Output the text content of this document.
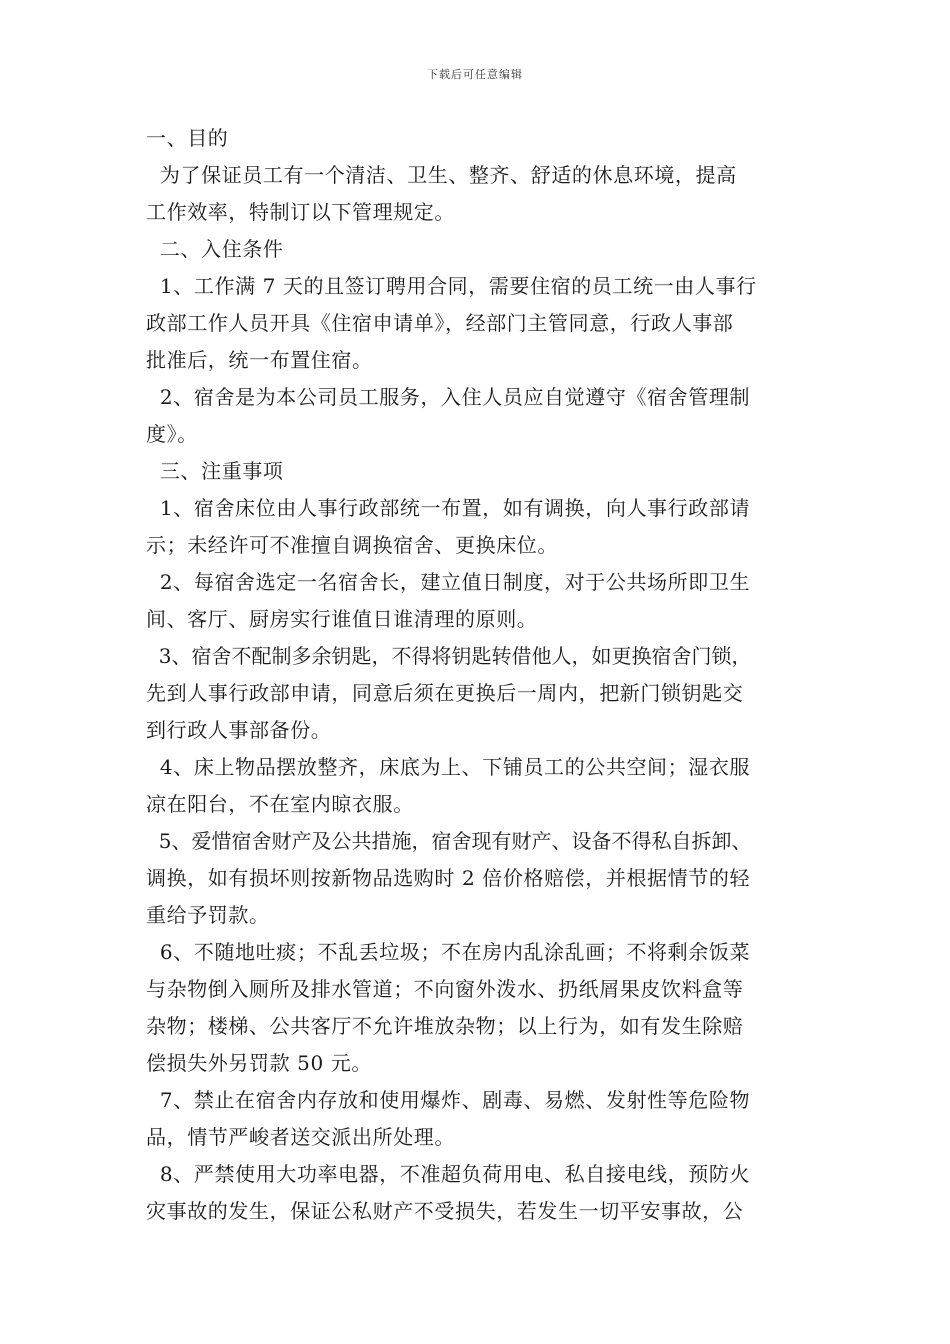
下载后可任意编辑
一、目的
为了保证员工有一个清洁、卫生、整齐、舒适的休息环境，提高
工作效率，特制订以下管理规定。
二、入住条件
1、工作满 7 天的且签订聘用合同，需要住宿的员工统一由人事行
政部工作人员开具《住宿申请单》，经部门主管同意，行政人事部
批准后，统一布置住宿。
2、宿舍是为本公司员工服务，入住人员应自觉遵守《宿舍管理制
度》。
三、注重事项
1、宿舍床位由人事行政部统一布置，如有调换，向人事行政部请
示；未经许可不准擅自调换宿舍、更换床位。
2、每宿舍选定一名宿舍长，建立值日制度，对于公共场所即卫生
间、客厅、厨房实行谁值日谁清理的原则。
3、宿舍不配制多余钥匙，不得将钥匙转借他人，如更换宿舍门锁，
先到人事行政部申请，同意后须在更换后一周内，把新门锁钥匙交
到行政人事部备份。
4、床上物品摆放整齐，床底为上、下铺员工的公共空间；湿衣服
凉在阳台，不在室内晾衣服。
5、爱惜宿舍财产及公共措施，宿舍现有财产、设备不得私自拆卸、
调换，如有损坏则按新物品选购时 2 倍价格赔偿，并根据情节的轻
重给予罚款。
6、不随地吐痰；不乱丢垃圾；不在房内乱涂乱画；不将剩余饭菜
与杂物倒入厕所及排水管道；不向窗外泼水、扔纸屑果皮饮料盒等
杂物；楼梯、公共客厅不允许堆放杂物；以上行为，如有发生除赔
偿损失外另罚款 50 元。
7、禁止在宿舍内存放和使用爆炸、剧毒、易燃、发射性等危险物
品，情节严峻者送交派出所处理。
8、严禁使用大功率电器，不准超负荷用电、私自接电线，预防火
灾事故的发生，保证公私财产不受损失，若发生一切平安事故，公
